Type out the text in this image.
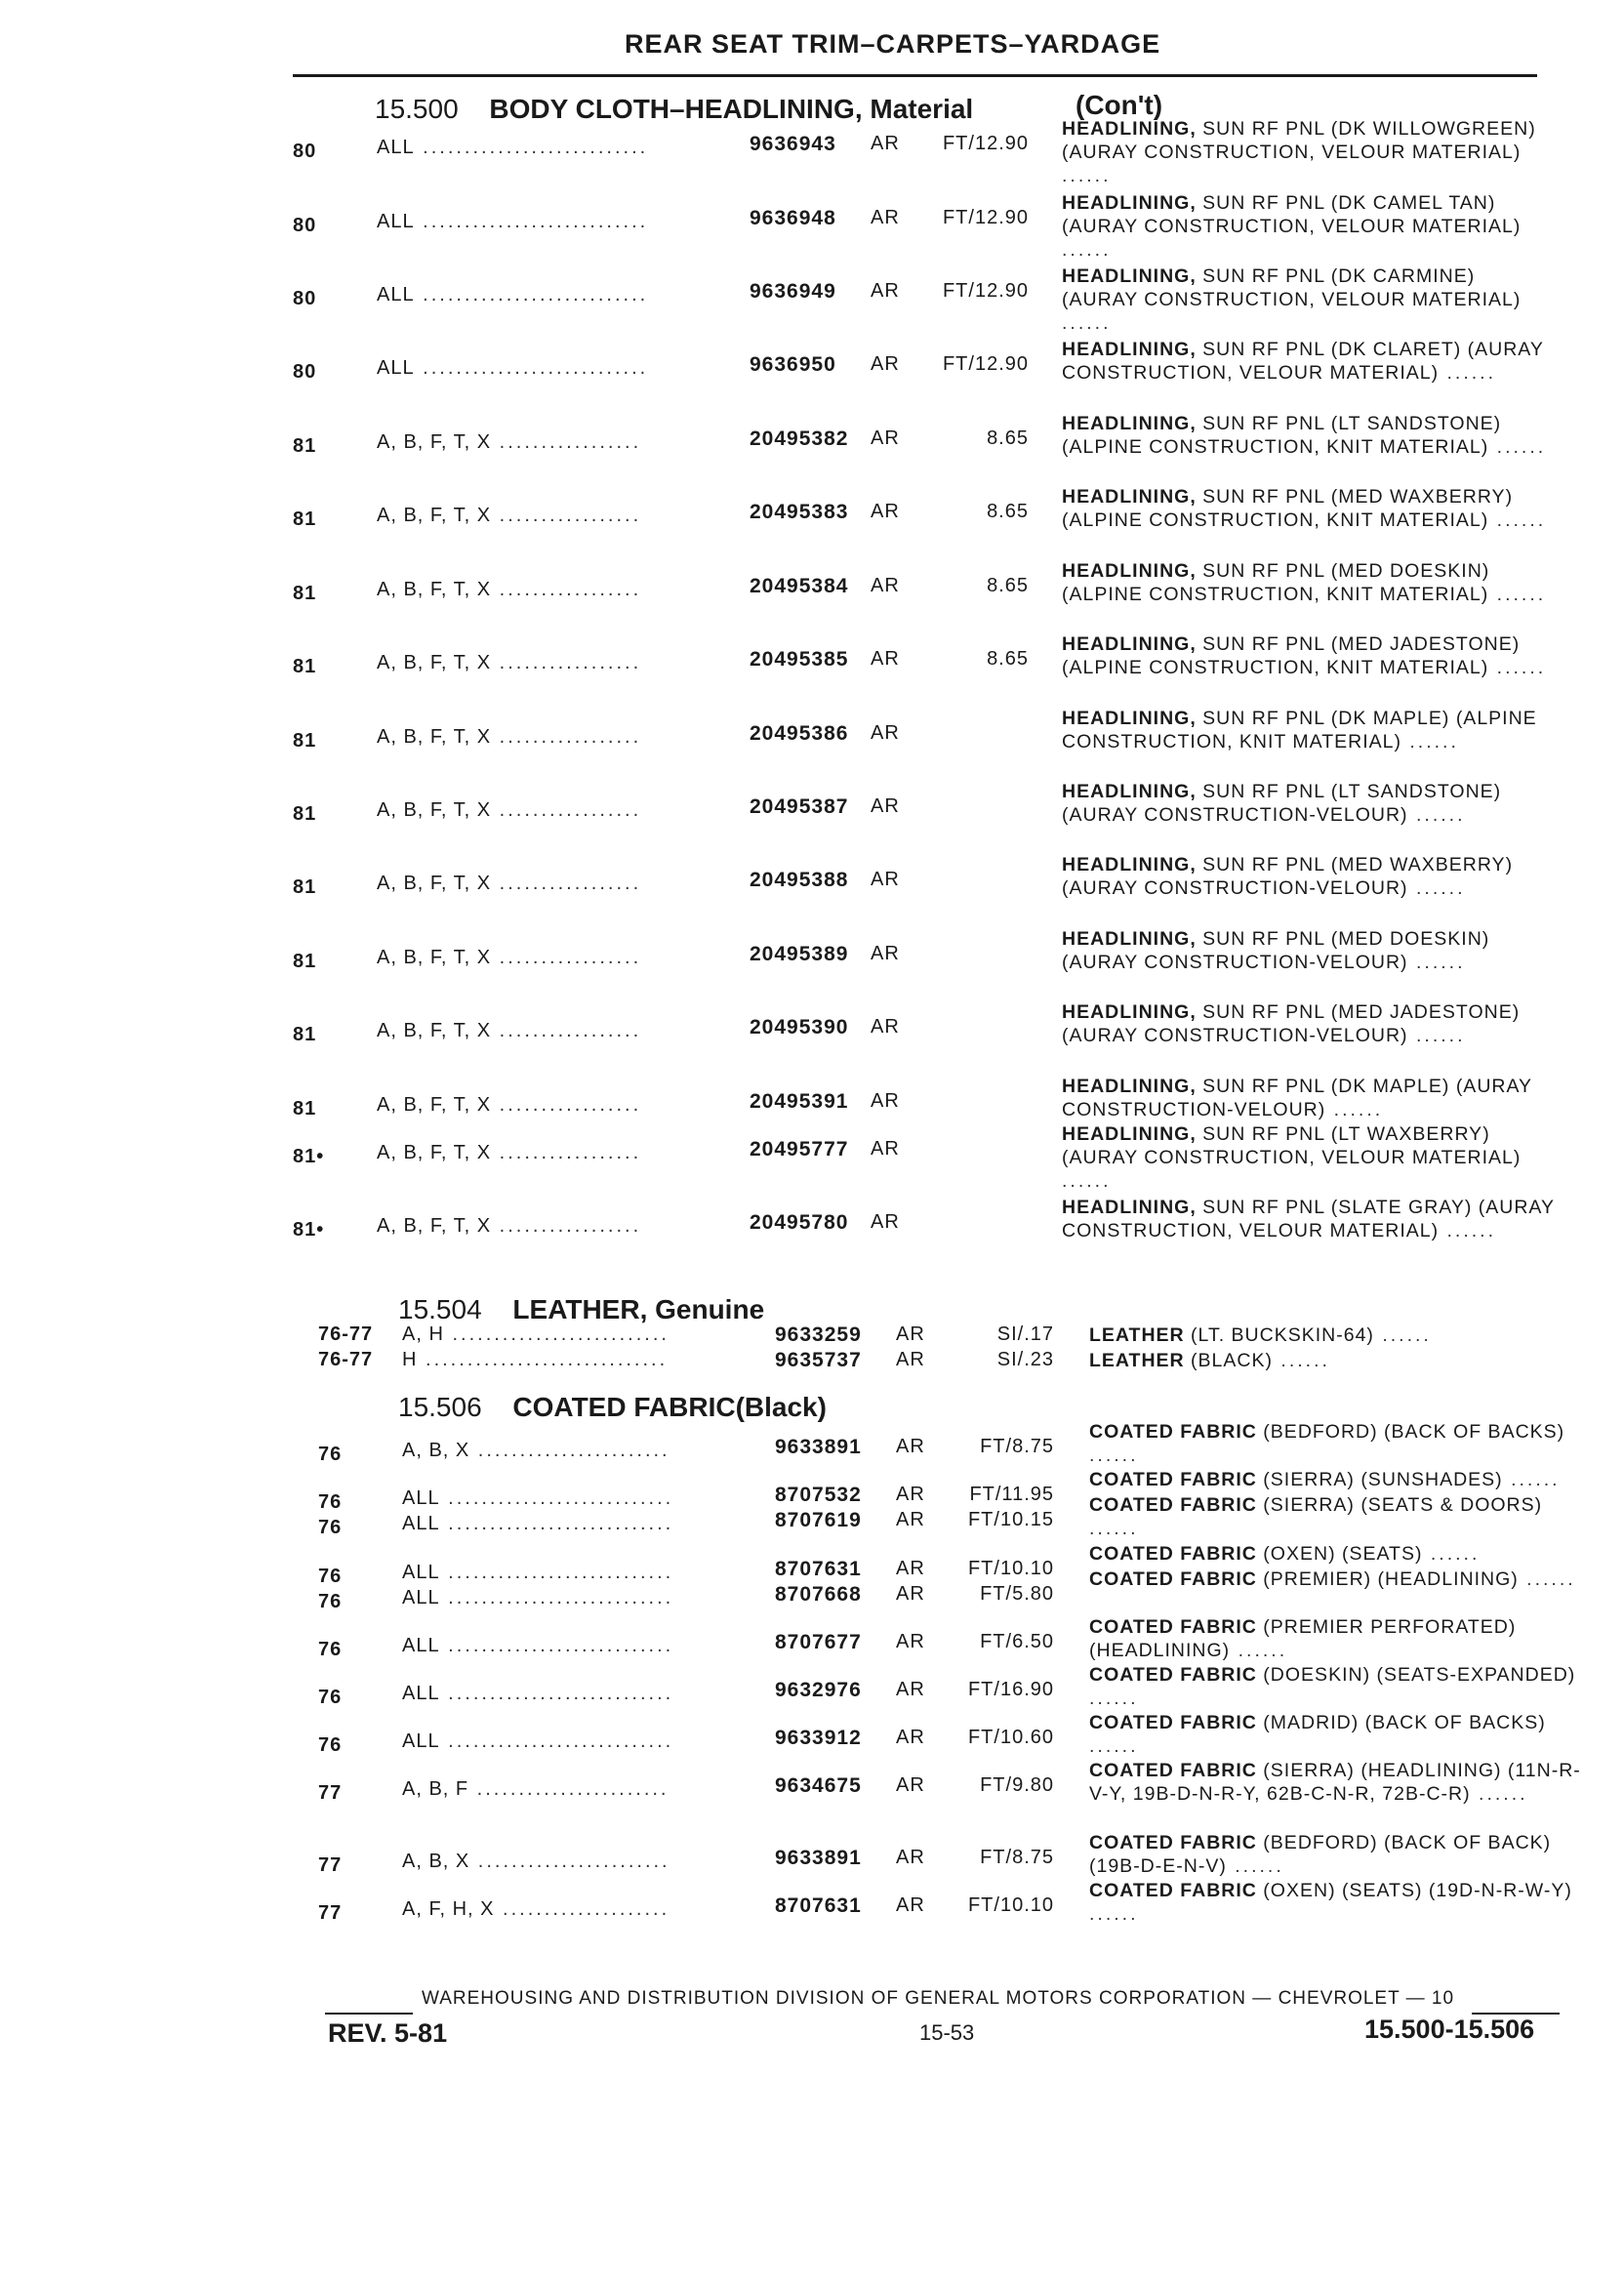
REAR SEAT TRIM–CARPETS–YARDAGE
15.500 BODY CLOTH–HEADLINING, Material	(Con't)
80	ALL ...........................	9636943 AR	FT/12.90
HEADLINING, SUN RF PNL (DK WILLOWGREEN) (AURAY CONSTRUCTION, VELOUR MATERIAL) ......
80	ALL ...........................	9636948 AR	FT/12.90
HEADLINING, SUN RF PNL (DK CAMEL TAN) (AURAY CONSTRUCTION, VELOUR MATERIAL) ......
80	ALL ...........................	9636949 AR	FT/12.90
HEADLINING, SUN RF PNL (DK CARMINE) (AURAY CONSTRUCTION, VELOUR MATERIAL) ......
80	ALL ...........................	9636950 AR	FT/12.90
HEADLINING, SUN RF PNL (DK CLARET) (AURAY CONSTRUCTION, VELOUR MATERIAL) ......
81	A, B, F, T, X .................	20495382 AR	8.65
HEADLINING, SUN RF PNL (LT SANDSTONE) (ALPINE CONSTRUCTION, KNIT MATERIAL) ......
81	A, B, F, T, X .................	20495383 AR	8.65
HEADLINING, SUN RF PNL (MED WAXBERRY) (ALPINE CONSTRUCTION, KNIT MATERIAL) ......
81	A, B, F, T, X .................	20495384 AR	8.65
HEADLINING, SUN RF PNL (MED DOESKIN) (ALPINE CONSTRUCTION, KNIT MATERIAL) ......
81	A, B, F, T, X .................	20495385 AR	8.65
HEADLINING, SUN RF PNL (MED JADESTONE) (ALPINE CONSTRUCTION, KNIT MATERIAL) ......
81	A, B, F, T, X .................	20495386 AR
HEADLINING, SUN RF PNL (DK MAPLE) (ALPINE CONSTRUCTION, KNIT MATERIAL) ......
81	A, B, F, T, X .................	20495387 AR
HEADLINING, SUN RF PNL (LT SANDSTONE) (AURAY CONSTRUCTION-VELOUR) ......
81	A, B, F, T, X .................	20495388 AR
HEADLINING, SUN RF PNL (MED WAXBERRY) (AURAY CONSTRUCTION-VELOUR) ......
81	A, B, F, T, X .................	20495389 AR
HEADLINING, SUN RF PNL (MED DOESKIN) (AURAY CONSTRUCTION-VELOUR) ......
81	A, B, F, T, X .................	20495390 AR
HEADLINING, SUN RF PNL (MED JADESTONE) (AURAY CONSTRUCTION-VELOUR) ......
81	A, B, F, T, X .................	20495391 AR
HEADLINING, SUN RF PNL (DK MAPLE) (AURAY CONSTRUCTION-VELOUR) ......
81•	A, B, F, T, X .................	20495777 AR
HEADLINING, SUN RF PNL (LT WAXBERRY) (AURAY CONSTRUCTION, VELOUR MATERIAL) ......
81•	A, B, F, T, X .................	20495780 AR
HEADLINING, SUN RF PNL (SLATE GRAY) (AURAY CONSTRUCTION, VELOUR MATERIAL) ......
15.504 LEATHER, Genuine
76-77	A, H ..........................	9633259 AR	SI/.17 LEATHER (LT. BUCKSKIN-64) ......
76-77	H .............................	9635737 AR	SI/.23 LEATHER (BLACK) ......
15.506 COATED FABRIC(Black)
76	A, B, X .......................	9633891 AR	FT/8.75
COATED FABRIC (BEDFORD) (BACK OF BACKS) ......
76	ALL ...........................	8707532 AR	FT/11.95
COATED FABRIC (SIERRA) (SUNSHADES) ......
76	ALL ...........................	8707619 AR	FT/10.15
COATED FABRIC (SIERRA) (SEATS & DOORS) ......
76	ALL ...........................	8707631 AR	FT/10.10
COATED FABRIC (OXEN) (SEATS) ......
76	ALL ...........................	8707668 AR	FT/5.80
COATED FABRIC (PREMIER) (HEADLINING) ......
76	ALL ...........................	8707677 AR	FT/6.50
COATED FABRIC (PREMIER PERFORATED) (HEADLINING) ......
76	ALL ...........................	9632976 AR	FT/16.90
COATED FABRIC (DOESKIN) (SEATS-EXPANDED) ......
76	ALL ...........................	9633912 AR	FT/10.60
COATED FABRIC (MADRID) (BACK OF BACKS) ......
77	A, B, F .......................	9634675 AR	FT/9.80
COATED FABRIC (SIERRA) (HEADLINING) (11N-R-V-Y, 19B-D-N-R-Y, 62B-C-N-R, 72B-C-R) ......
77	A, B, X .......................	9633891 AR	FT/8.75
COATED FABRIC (BEDFORD) (BACK OF BACK) (19B-D-E-N-V) ......
77	A, F, H, X ....................	8707631 AR	FT/10.10
COATED FABRIC (OXEN) (SEATS) (19D-N-R-W-Y) ......
WAREHOUSING AND DISTRIBUTION DIVISION OF GENERAL MOTORS CORPORATION — CHEVROLET — 10
REV. 5-81	15-53	15.500-15.506
